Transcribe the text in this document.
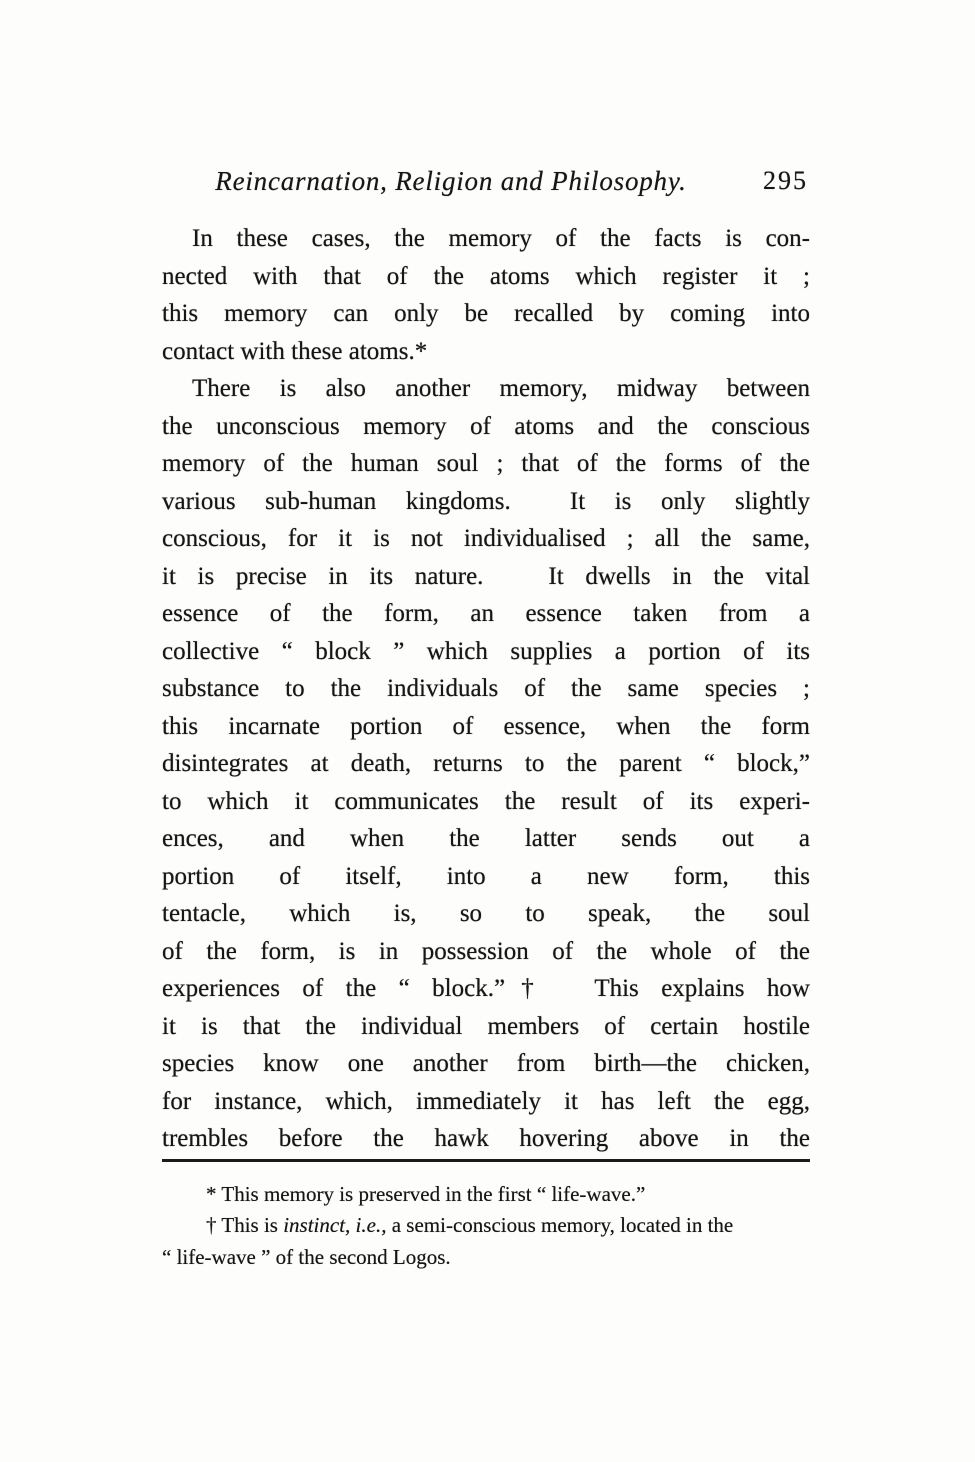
Reincarnation, Religion and Philosophy.	295
In these cases, the memory of the facts is con-
nected with that of the atoms which register it ;
this memory can only be recalled by coming into
contact with these atoms.*
There is also another memory, midway between
the unconscious memory of atoms and the conscious
memory of the human soul ; that of the forms of the
various sub-human kingdoms.  It is only slightly
conscious, for it is not individualised ; all the same,
it is precise in its nature.   It dwells in the vital
essence of the form, an essence taken from a
collective “ block ” which supplies a portion of its
substance to the individuals of the same species ;
this incarnate portion of essence, when the form
disintegrates at death, returns to the parent “ block,”
to which it communicates the result of its experi-
ences, and when the latter sends out a
portion of itself, into a new form, this
tentacle, which is, so to speak, the soul
of the form, is in possession of the whole of the
experiences of the “ block.”†  This explains how
it is that the individual members of certain hostile
species know one another from birth—the chicken,
for instance, which, immediately it has left the egg,
trembles before the hawk hovering above in the
* This memory is preserved in the first “ life-wave.”
† This is instinct, i.e., a semi-conscious memory, located in the
“ life-wave ” of the second Logos.
